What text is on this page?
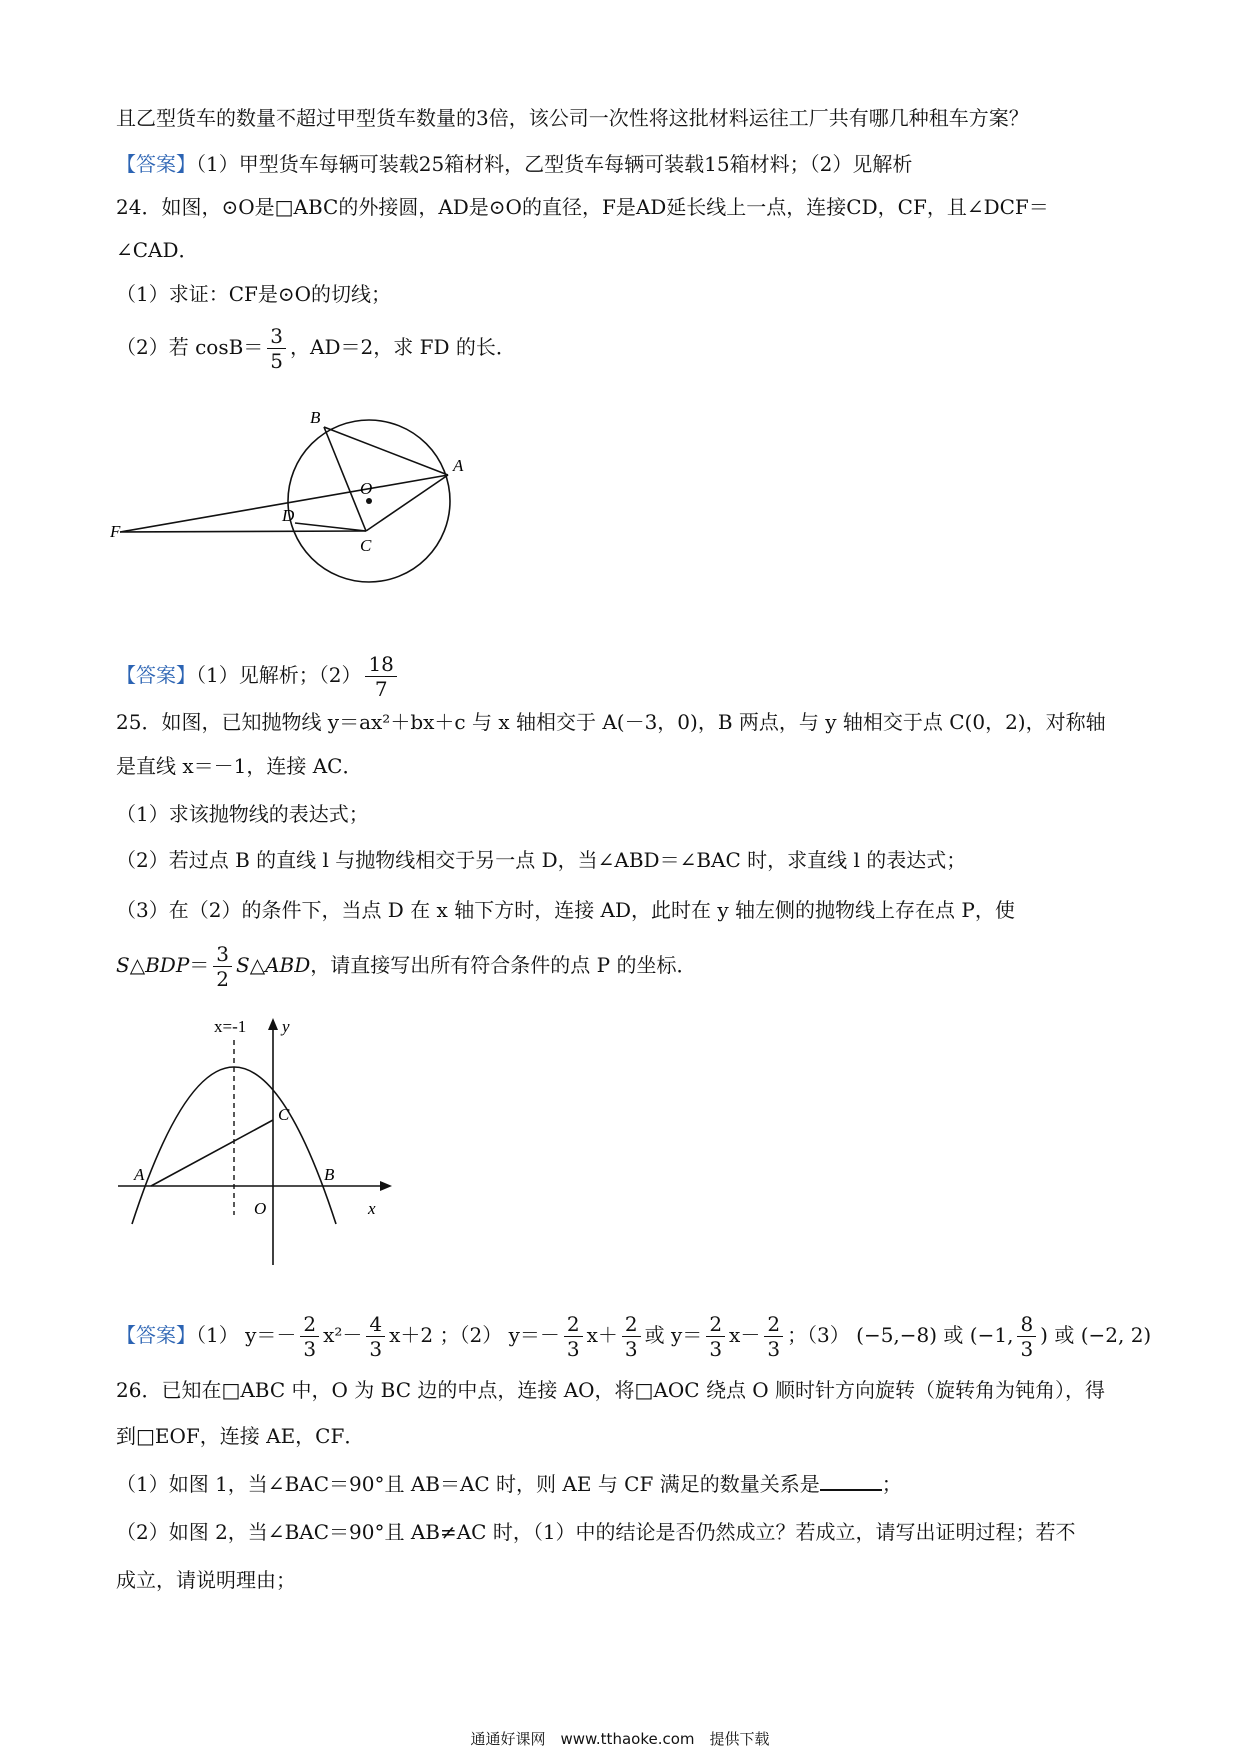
且乙型货车的数量不超过甲型货车数量的3倍，该公司一次性将这批材料运往工厂共有哪几种租车方案？
【答案】（1）甲型货车每辆可装载25箱材料，乙型货车每辆可装载15箱材料；（2）见解析
24．如图，⊙O是□ABC的外接圆，AD是⊙O的直径，F是AD延长线上一点，连接CD，CF，且∠DCF＝
∠CAD．
（1）求证：CF是⊙O的切线；
（2）若 $\cos B= \frac{3}{5}$ ，AD＝2，求 FD 的长．
B
A
O
D
F
C
【答案】（1）见解析；$(2) \frac{18}{7}$
25．如图，已知抛物线 y＝ax²＋bx＋c 与 x 轴相交于 A(－3，0)，B 两点，与 y 轴相交于点 C(0，2)，对称轴
是直线 x＝－1，连接 AC．
（1）求该抛物线的表达式；
（2）若过点 B 的直线 l 与抛物线相交于另一点 D，当∠ABD＝∠BAC 时，求直线 l 的表达式；
（3）在（2）的条件下，当点 D 在 x 轴下方时，连接 AD，此时在 y 轴左侧的抛物线上存在点 P，使
S△BDP＝ $\frac{3}{2}$ S△ABD，请直接写出所有符合条件的点 P 的坐标．
x=-1 y
C
A	B
O	x
【答案】（1） $y=- \frac{2}{3} x^2- \frac{4}{3} x+2$ ；（2） $y=- \frac{2}{3} x+ \frac{2}{3}$ 或 $y= \frac{2}{3} x- \frac{2}{3}$ ；（3） (−5,−8) 或 (−1, $\frac{8}{3}$ ) 或 (−2, 2)
26．已知在□ABC 中，O 为 BC 边的中点，连接 AO，将□AOC 绕点 O 顺时针方向旋转（旋转角为钝角），得
到□EOF，连接 AE，CF．
（1）如图 1，当∠BAC＝90°且 AB＝AC 时，则 AE 与 CF 满足的数量关系是	；
（2）如图 2，当∠BAC＝90°且 AB≠AC 时，（1）中的结论是否仍然成立？若成立，请写出证明过程；若不
成立，请说明理由；
通通好课网　www.tthaoke.com　提供下载
